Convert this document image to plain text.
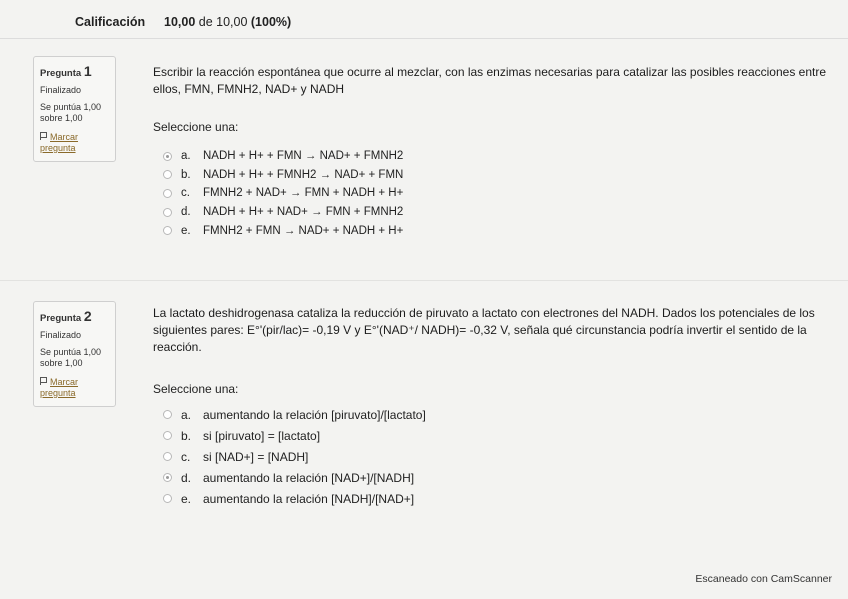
Calificación 10,00 de 10,00 (100%)
Pregunta 1
Finalizado
Se puntúa 1,00
sobre 1,00
Marcar
pregunta
Escribir la reacción espontánea que ocurre al mezclar, con las enzimas necesarias para catalizar las posibles reacciones entre ellos, FMN, FMNH2, NAD+ y NADH
Seleccione una:
a.	NADH + H+ + FMN → NAD+ + FMNH2
b.	NADH + H+ + FMNH2 → NAD+ + FMN
c.	FMNH2 + NAD+ → FMN + NADH + H+
d.	NADH + H+ + NAD+ → FMN + FMNH2
e.	FMNH2 + FMN → NAD+ + NADH + H+
Pregunta 2
Finalizado
Se puntúa 1,00
sobre 1,00
Marcar
pregunta
La lactato deshidrogenasa cataliza la reducción de piruvato a lactato con electrones del NADH. Dados los potenciales de los siguientes pares: E°'(pir/lac)= -0,19 V y E°'(NAD⁺/ NADH)= -0,32 V, señala qué circunstancia podría invertir el sentido de la reacción.
Seleccione una:
a. aumentando la relación [piruvato]/[lactato]
b. si [piruvato] = [lactato]
c.	si [NAD+] = [NADH]
d. aumentando la relación [NAD+]/[NADH]
e. aumentando la relación [NADH]/[NAD+]
Escaneado con CamScanner
